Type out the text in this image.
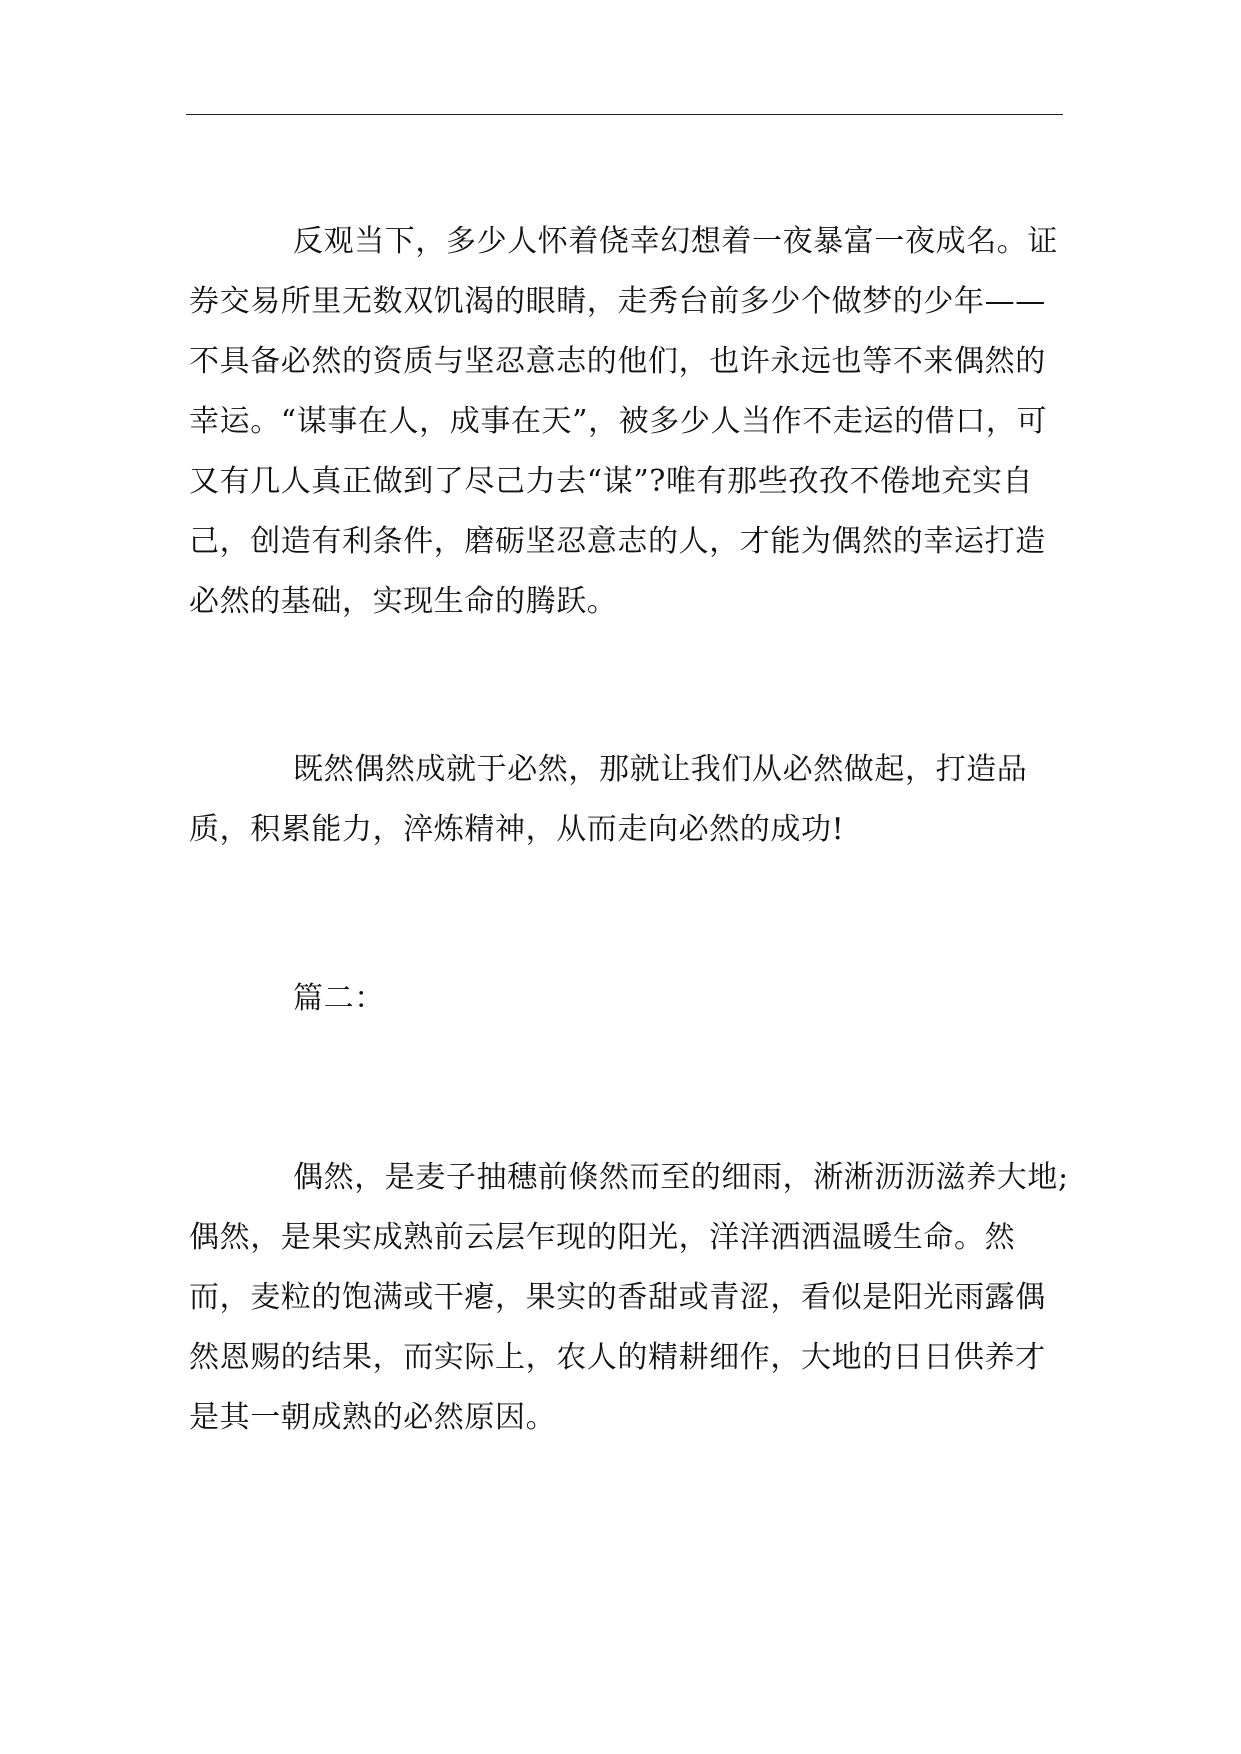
反观当下，多少人怀着侥幸幻想着一夜暴富一夜成名。证券交易所里无数双饥渴的眼睛，走秀台前多少个做梦的少年——不具备必然的资质与坚忍意志的他们，也许永远也等不来偶然的幸运。“谋事在人，成事在天”，被多少人当作不走运的借口，可又有几人真正做到了尽己力去“谋”?唯有那些孜孜不倦地充实自己，创造有利条件，磨砺坚忍意志的人，才能为偶然的幸运打造必然的基础，实现生命的腾跃。

既然偶然成就于必然，那就让我们从必然做起，打造品质，积累能力，淬炼精神，从而走向必然的成功!

篇二：

偶然，是麦子抽穗前倏然而至的细雨，淅淅沥沥滋养大地;偶然，是果实成熟前云层乍现的阳光，洋洋洒洒温暖生命。然而，麦粒的饱满或干瘪，果实的香甜或青涩，看似是阳光雨露偶然恩赐的结果，而实际上，农人的精耕细作，大地的日日供养才是其一朝成熟的必然原因。
